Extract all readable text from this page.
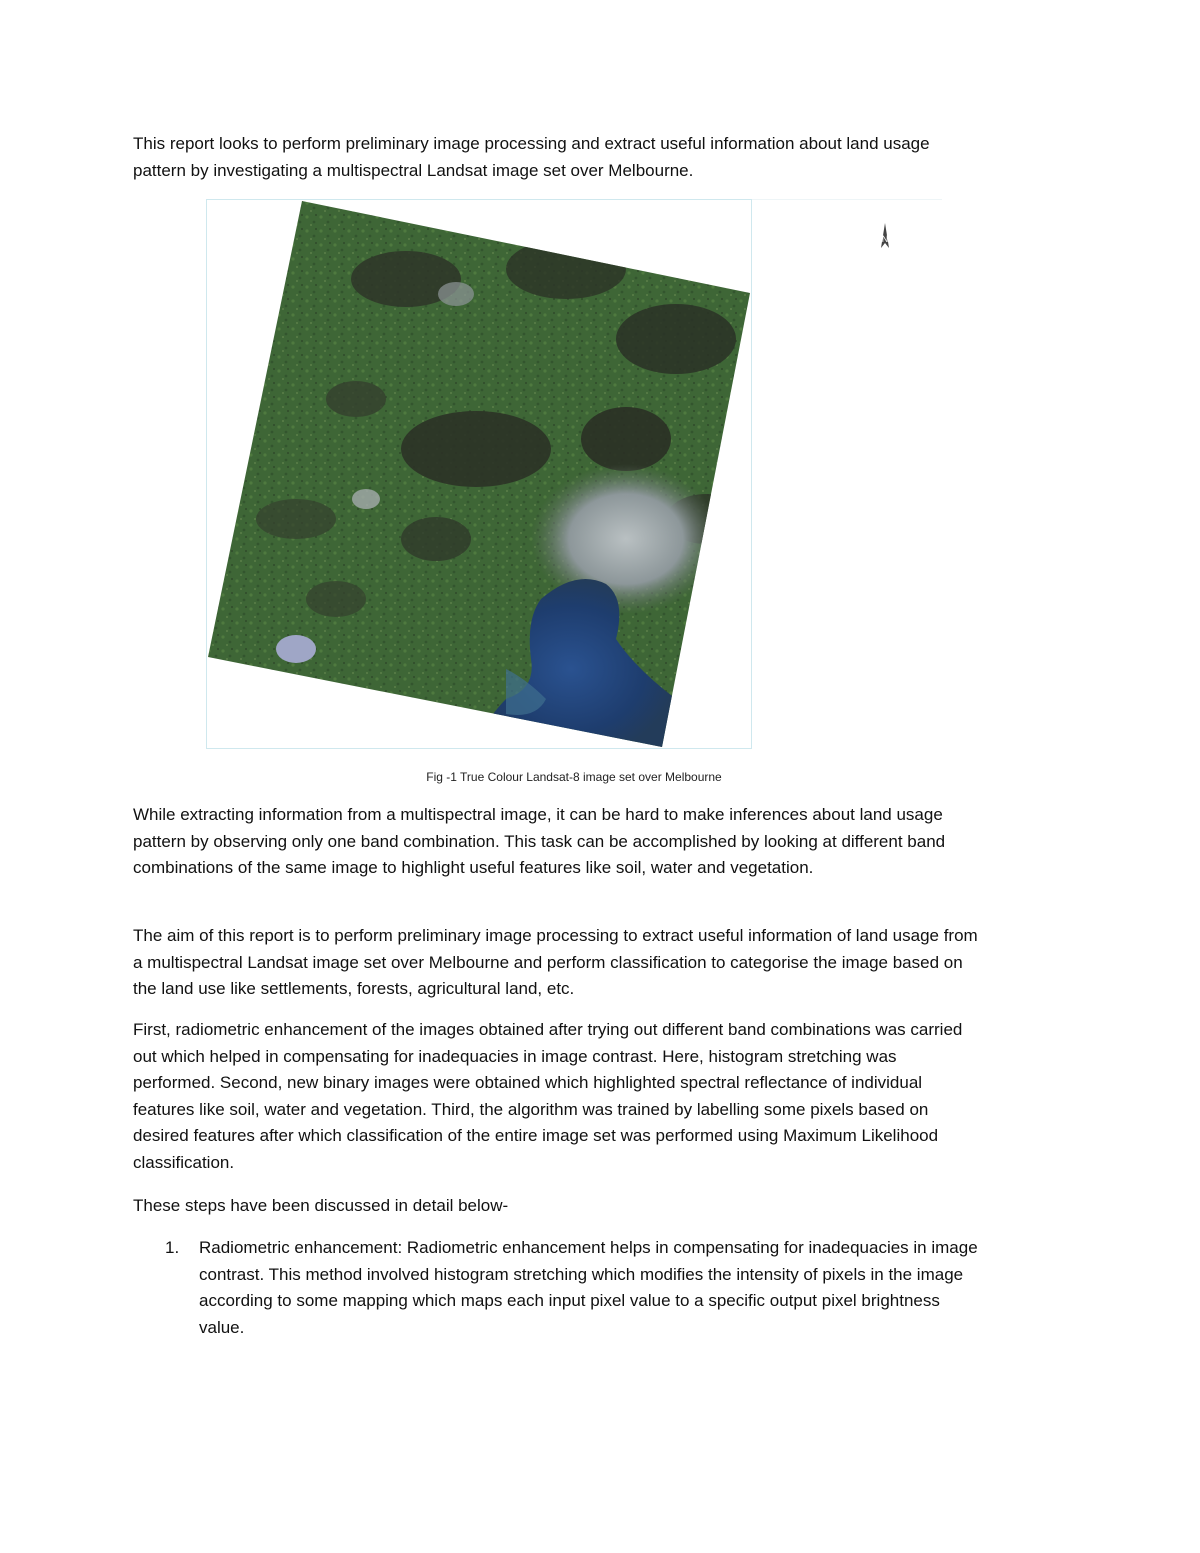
This report looks to perform preliminary image processing and extract useful information about land usage pattern by investigating a multispectral Landsat image set over Melbourne.

N

Fig -1 True Colour Landsat-8 image set over Melbourne

While extracting information from a multispectral image, it can be hard to make inferences about land usage pattern by observing only one band combination. This task can be accomplished by looking at different band combinations of the same image to highlight useful features like soil, water and vegetation.

The aim of this report is to perform preliminary image processing to extract useful information of land usage from a multispectral Landsat image set over Melbourne and perform classification to categorise the image based on the land use like settlements, forests, agricultural land, etc.

First, radiometric enhancement of the images obtained after trying out different band combinations was carried out which helped in compensating for inadequacies in image contrast. Here, histogram stretching was performed. Second, new binary images were obtained which highlighted spectral reflectance of individual features like soil, water and vegetation. Third, the algorithm was trained by labelling some pixels based on desired features after which classification of the entire image set was performed using Maximum Likelihood classification.

These steps have been discussed in detail below-

1. Radiometric enhancement: Radiometric enhancement helps in compensating for inadequacies in image contrast. This method involved histogram stretching which modifies the intensity of pixels in the image according to some mapping which maps each input pixel value to a specific output pixel brightness value.
